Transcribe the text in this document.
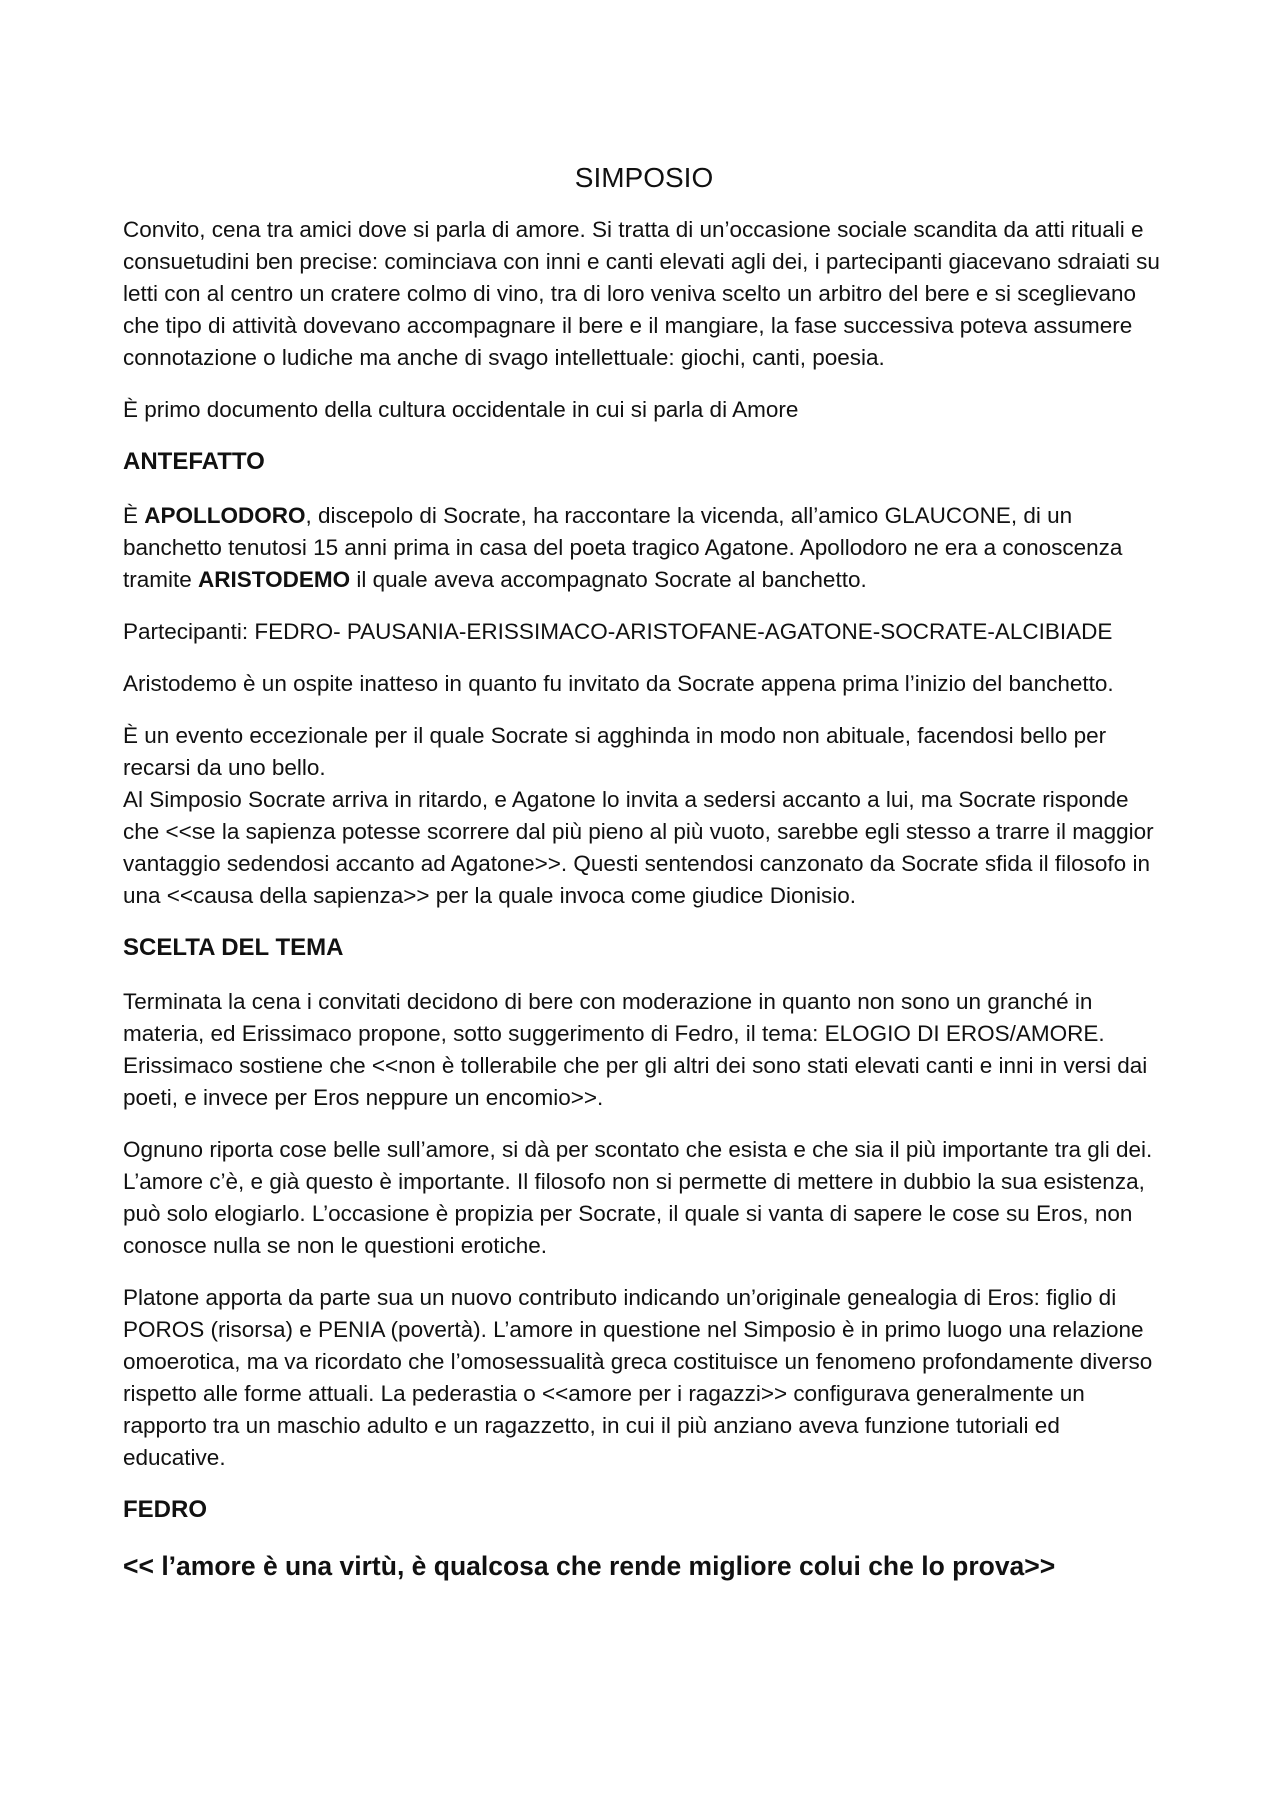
SIMPOSIO

Convito, cena tra amici dove si parla di amore. Si tratta di un’occasione sociale scandita da atti rituali e consuetudini ben precise: cominciava con inni e canti elevati agli dei, i partecipanti giacevano sdraiati su letti con al centro un cratere colmo di vino, tra di loro veniva scelto un arbitro del bere e si sceglievano che tipo di attività dovevano accompagnare il bere e il mangiare, la fase successiva poteva assumere connotazione o ludiche ma anche di svago intellettuale: giochi, canti, poesia.

È primo documento della cultura occidentale in cui si parla di Amore

ANTEFATTO

È APOLLODORO, discepolo di Socrate, ha raccontare la vicenda, all’amico GLAUCONE, di un banchetto tenutosi 15 anni prima in casa del poeta tragico Agatone. Apollodoro ne era a conoscenza tramite ARISTODEMO il quale aveva accompagnato Socrate al banchetto.

Partecipanti: FEDRO- PAUSANIA-ERISSIMACO-ARISTOFANE-AGATONE-SOCRATE-ALCIBIADE

Aristodemo è un ospite inatteso in quanto fu invitato da Socrate appena prima l’inizio del banchetto.

È un evento eccezionale per il quale Socrate si agghinda in modo non abituale, facendosi bello per recarsi da uno bello.

Al Simposio Socrate arriva in ritardo, e Agatone lo invita a sedersi accanto a lui, ma Socrate risponde che <<se la sapienza potesse scorrere dal più pieno al più vuoto, sarebbe egli stesso a trarre il maggior vantaggio sedendosi accanto ad Agatone>>. Questi sentendosi canzonato da Socrate sfida il filosofo in una <<causa della sapienza>> per la quale invoca come giudice Dionisio.

SCELTA DEL TEMA

Terminata la cena i convitati decidono di bere con moderazione in quanto non sono un granché in materia, ed Erissimaco propone, sotto suggerimento di Fedro, il tema: ELOGIO DI EROS/AMORE. Erissimaco sostiene che <<non è tollerabile che per gli altri dei sono stati elevati canti e inni in versi dai poeti, e invece per Eros neppure un encomio>>.

Ognuno riporta cose belle sull’amore, si dà per scontato che esista e che sia il più importante tra gli dei. L’amore c’è, e già questo è importante. Il filosofo non si permette di mettere in dubbio la sua esistenza, può solo elogiarlo. L’occasione è propizia per Socrate, il quale si vanta di sapere le cose su Eros, non conosce nulla se non le questioni erotiche.

Platone apporta da parte sua un nuovo contributo indicando un’originale genealogia di Eros: figlio di POROS (risorsa) e PENIA (povertà). L’amore in questione nel Simposio è in primo luogo una relazione omoerotica, ma va ricordato che l’omosessualità greca costituisce un fenomeno profondamente diverso rispetto alle forme attuali. La pederastia o <<amore per i ragazzi>> configurava generalmente un rapporto tra un maschio adulto e un ragazzetto, in cui il più anziano aveva funzione tutoriali ed educative.

FEDRO
<< l’amore è una virtù, è qualcosa che rende migliore colui che lo prova>>
